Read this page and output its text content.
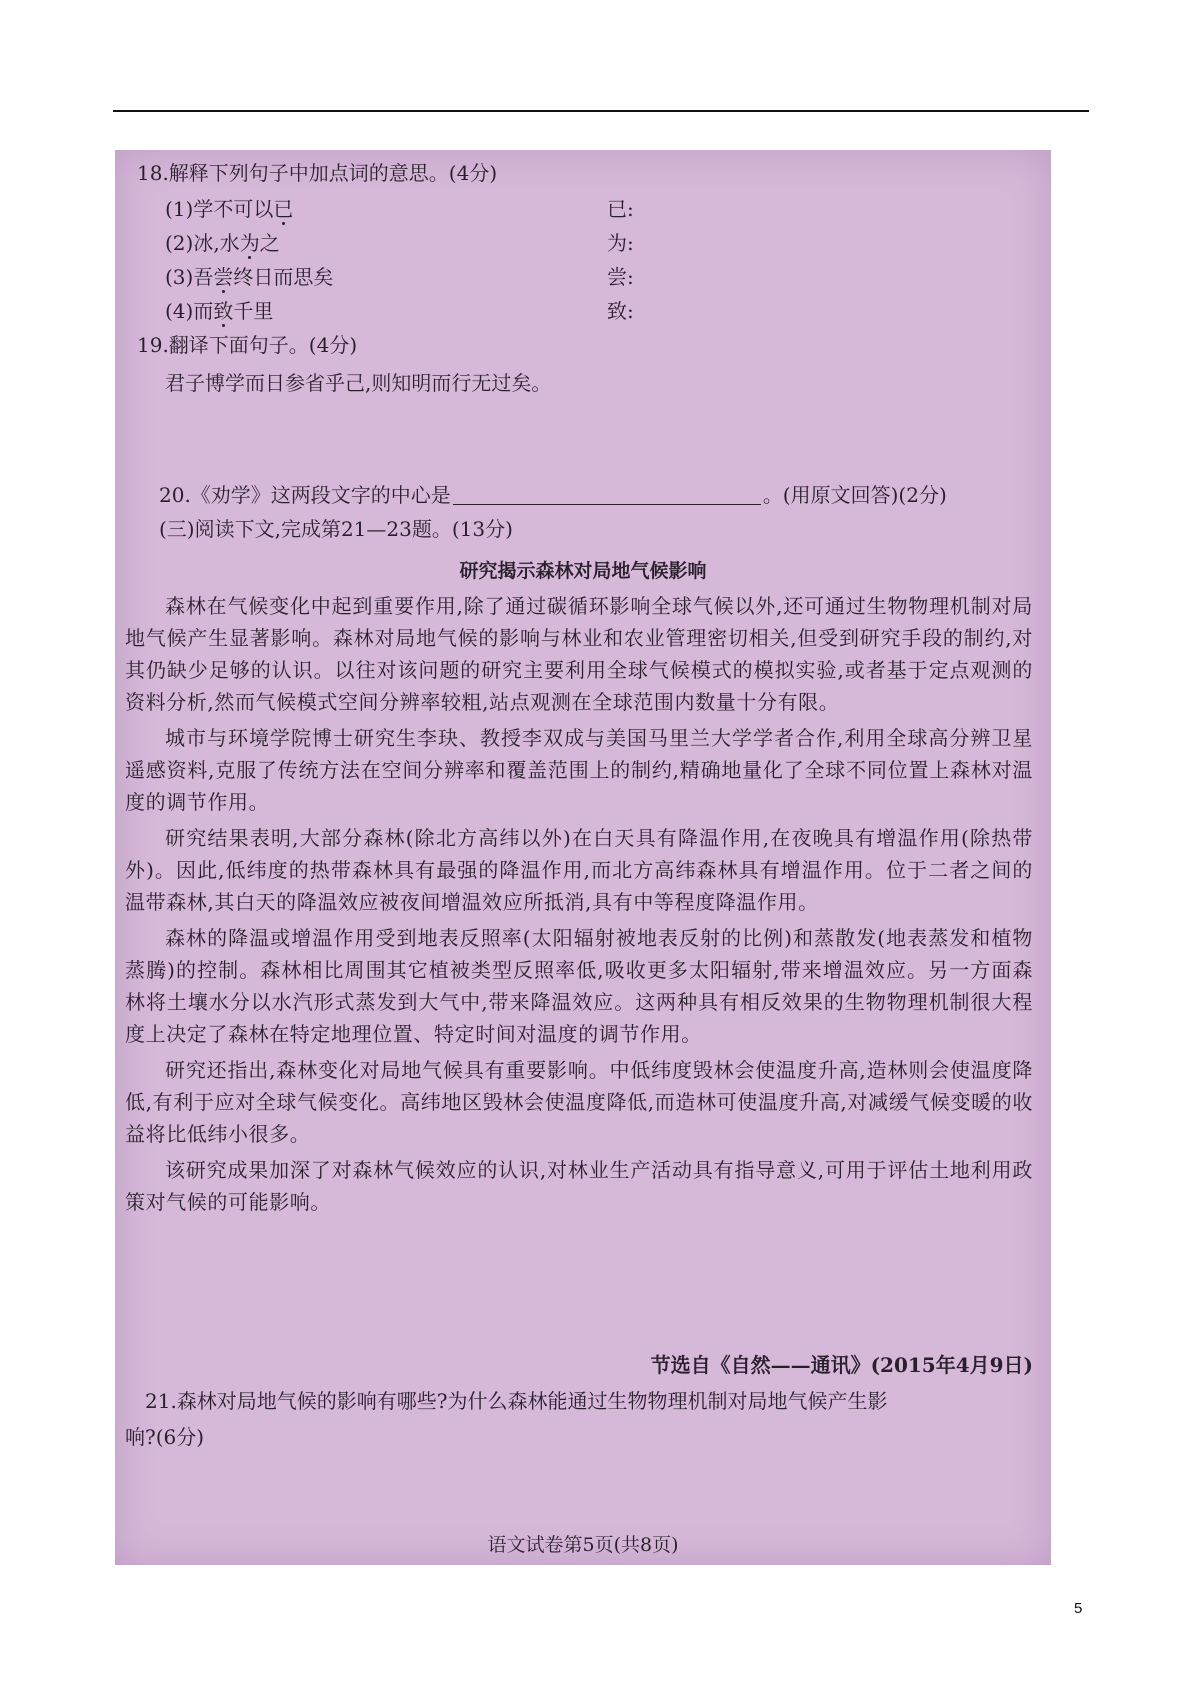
18.解释下列句子中加点词的意思。(4分)
(1)学不可以已	已:
(2)冰,水为之	为:
(3)吾尝终日而思矣	尝:
(4)而致千里	致:
19.翻译下面句子。(4分)
君子博学而日参省乎己,则知明而行无过矣。
20.《劝学》这两段文字的中心是	。(用原文回答)(2分)
(三)阅读下文,完成第21—23题。(13分)
研究揭示森林对局地气候影响

森林在气候变化中起到重要作用,除了通过碳循环影响全球气候以外,还可通过生物物理机制对局地气候产生显著影响。森林对局地气候的影响与林业和农业管理密切相关,但受到研究手段的制约,对其仍缺少足够的认识。以往对该问题的研究主要利用全球气候模式的模拟实验,或者基于定点观测的资料分析,然而气候模式空间分辨率较粗,站点观测在全球范围内数量十分有限。

城市与环境学院博士研究生李玦、教授李双成与美国马里兰大学学者合作,利用全球高分辨卫星遥感资料,克服了传统方法在空间分辨率和覆盖范围上的制约,精确地量化了全球不同位置上森林对温度的调节作用。

研究结果表明,大部分森林(除北方高纬以外)在白天具有降温作用,在夜晚具有增温作用(除热带外)。因此,低纬度的热带森林具有最强的降温作用,而北方高纬森林具有增温作用。位于二者之间的温带森林,其白天的降温效应被夜间增温效应所抵消,具有中等程度降温作用。

森林的降温或增温作用受到地表反照率(太阳辐射被地表反射的比例)和蒸散发(地表蒸发和植物蒸腾)的控制。森林相比周围其它植被类型反照率低,吸收更多太阳辐射,带来增温效应。另一方面森林将土壤水分以水汽形式蒸发到大气中,带来降温效应。这两种具有相反效果的生物物理机制很大程度上决定了森林在特定地理位置、特定时间对温度的调节作用。

研究还指出,森林变化对局地气候具有重要影响。中低纬度毁林会使温度升高,造林则会使温度降低,有利于应对全球气候变化。高纬地区毁林会使温度降低,而造林可使温度升高,对减缓气候变暖的收益将比低纬小很多。

该研究成果加深了对森林气候效应的认识,对林业生产活动具有指导意义,可用于评估土地利用政策对气候的可能影响。

节选自《自然——通讯》(2015年4月9日)
21.森林对局地气候的影响有哪些?为什么森林能通过生物物理机制对局地气候产生影
响?(6分)
语文试卷第5页(共8页)
5
